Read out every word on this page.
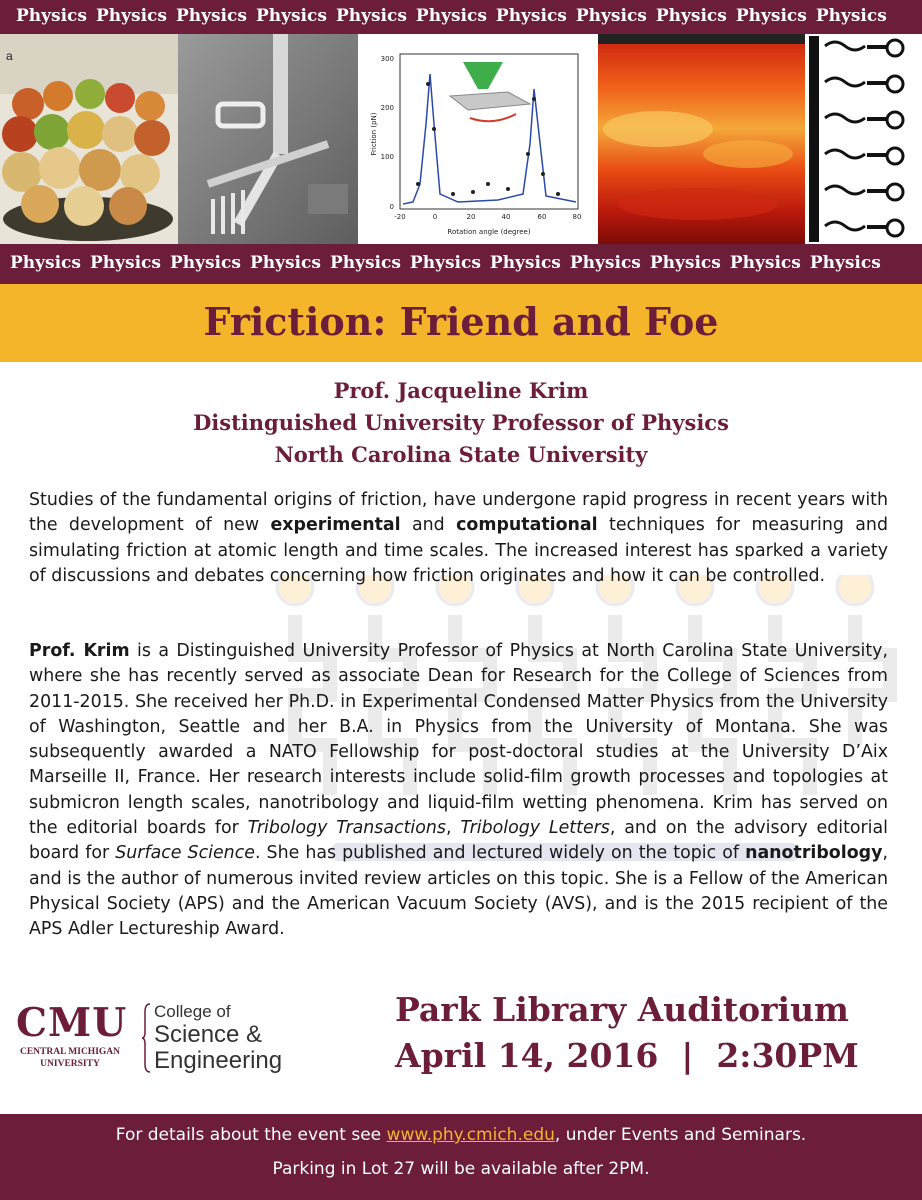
Physics Physics Physics Physics Physics Physics Physics Physics Physics Physics Physics
a
0
100
200
300
-20	0	20	40	60	80
Rotation angle (degree)
Friction (pN)
Physics Physics Physics Physics Physics Physics Physics Physics Physics Physics Physics
Friction: Friend and Foe
Prof. Jacqueline Krim
Distinguished University Professor of Physics
North Carolina State University
Studies of the fundamental origins of friction, have undergone rapid progress in recent years with the development of new experimental and computational techniques for measuring and simulating friction at atomic length and time scales. The increased interest has sparked a variety of discussions and debates concerning how friction originates and how it can be controlled.
Prof. Krim is a Distinguished University Professor of Physics at North Carolina State University, where she has recently served as associate Dean for Research for the College of Sciences from 2011-2015. She received her Ph.D. in Experimental Condensed Matter Physics from the University of Washington, Seattle and her B.A. in Physics from the University of Montana. She was subsequently awarded a NATO Fellowship for post-doctoral studies at the University D’Aix Marseille II, France. Her research interests include solid-film growth processes and topologies at submicron length scales, nanotribology and liquid-film wetting phenomena. Krim has served on the editorial boards for Tribology Transactions, Tribology Letters, and on the advisory editorial board for Surface Science. She has published and lectured widely on the topic of nanotribology, and is the author of numerous invited review articles on this topic. She is a Fellow of the American Physical Society (APS) and the American Vacuum Society (AVS), and is the 2015 recipient of the APS Adler Lectureship Award.
CMU
CENTRAL MICHIGAN
UNIVERSITY
College of
Science &
Engineering
Park Library Auditorium
April 14, 2016  |  2:30PM
For details about the event see www.phy.cmich.edu, under Events and Seminars.
Parking in Lot 27 will be available after 2PM.
